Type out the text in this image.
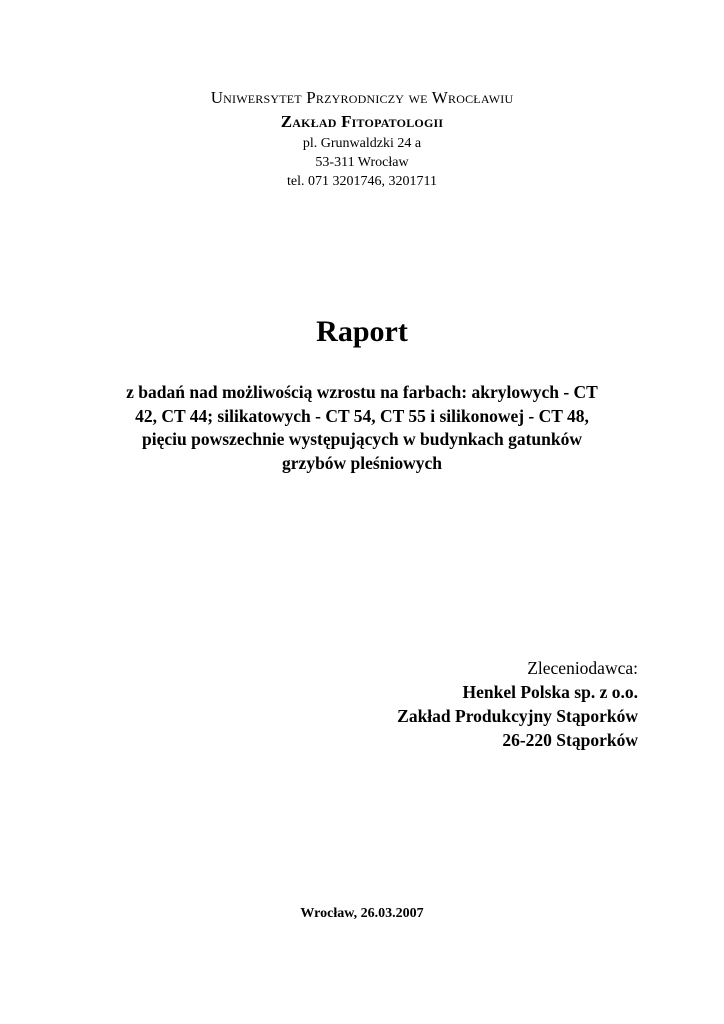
Uniwersytet Przyrodniczy we Wrocławiu
Zakład Fitopatologii
pl. Grunwaldzki 24 a
53-311 Wrocław
tel. 071 3201746, 3201711
Raport
z badań nad możliwością wzrostu na farbach: akrylowych - CT
42, CT 44; silikatowych - CT 54, CT 55 i silikonowej - CT 48,
pięciu powszechnie występujących w budynkach gatunków
grzybów pleśniowych
Zleceniodawca:
Henkel Polska sp. z o.o.
Zakład Produkcyjny Stąporków
26-220 Stąporków
Wrocław, 26.03.2007
